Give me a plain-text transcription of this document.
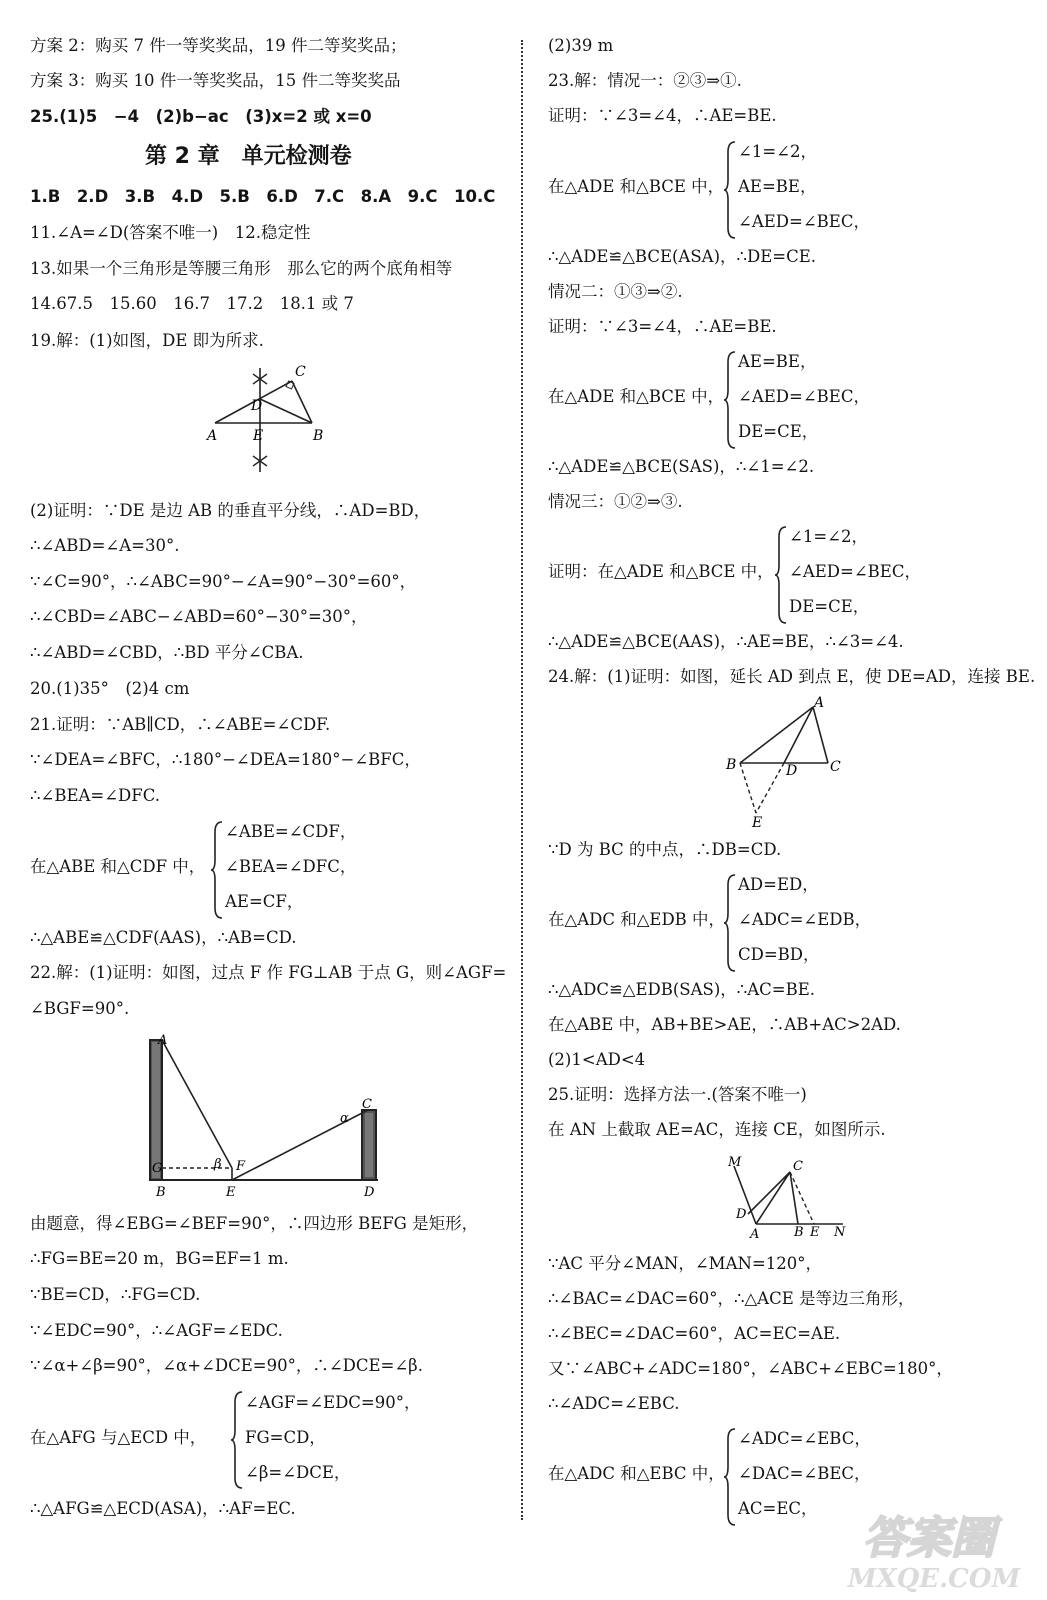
方案 2：购买 7 件一等奖奖品，19 件二等奖奖品；
方案 3：购买 10 件一等奖奖品，15 件二等奖奖品
25.(1)5　−4　(2)b−ac　(3)x=2 或 x=0
第 2 章　单元检测卷
1.B　2.D　3.B　4.D　5.B　6.D　7.C　8.A　9.C　10.C
11.∠A=∠D(答案不唯一)　12.稳定性
13.如果一个三角形是等腰三角形　那么它的两个底角相等
14.67.5　15.60　16.7　17.2　18.1 或 7
19.解：(1)如图，DE 即为所求.
C
D
A	E	B
(2)证明：∵DE 是边 AB 的垂直平分线，∴AD=BD，
∴∠ABD=∠A=30°.
∵∠C=90°，∴∠ABC=90°−∠A=90°−30°=60°，
∴∠CBD=∠ABC−∠ABD=60°−30°=30°，
∴∠ABD=∠CBD，∴BD 平分∠CBA.
20.(1)35°　(2)4 cm
21.证明：∵AB∥CD，∴∠ABE=∠CDF.
∵∠DEA=∠BFC，∴180°−∠DEA=180°−∠BFC，
∴∠BEA=∠DFC.
在△ABE 和△CDF 中，
∠ABE=∠CDF，
∠BEA=∠DFC，
AE=CF，
∴△ABE≌△CDF(AAS)，∴AB=CD.
22.解：(1)证明：如图，过点 F 作 FG⊥AB 于点 G，则∠AGF=
∠BGF=90°.
A
C
α
β
G	F
B	E	D
由题意，得∠EBG=∠BEF=90°，∴四边形 BEFG 是矩形，
∴FG=BE=20 m，BG=EF=1 m.
∵BE=CD，∴FG=CD.
∵∠EDC=90°，∴∠AGF=∠EDC.
∵∠α+∠β=90°，∠α+∠DCE=90°，∴∠DCE=∠β.
在△AFG 与△ECD 中，
∠AGF=∠EDC=90°，
FG=CD，
∠β=∠DCE，
∴△AFG≌△ECD(ASA)，∴AF=EC.
(2)39 m
23.解：情况一：②③⇒①.
证明：∵∠3=∠4，∴AE=BE.
在△ADE 和△BCE 中，
∠1=∠2，
AE=BE，
∠AED=∠BEC，
∴△ADE≌△BCE(ASA)，∴DE=CE.
情况二：①③⇒②.
证明：∵∠3=∠4，∴AE=BE.
在△ADE 和△BCE 中，
AE=BE，
∠AED=∠BEC，
DE=CE，
∴△ADE≌△BCE(SAS)，∴∠1=∠2.
情况三：①②⇒③.
证明：在△ADE 和△BCE 中，
∠1=∠2，
∠AED=∠BEC，
DE=CE，
∴△ADE≌△BCE(AAS)，∴AE=BE，∴∠3=∠4.
24.解：(1)证明：如图，延长 AD 到点 E，使 DE=AD，连接 BE.
A
B	D C
E
∵D 为 BC 的中点，∴DB=CD.
在△ADC 和△EDB 中，
AD=ED，
∠ADC=∠EDB，
CD=BD，
∴△ADC≌△EDB(SAS)，∴AC=BE.
在△ABE 中，AB+BE>AE，∴AB+AC>2AD.
(2)1<AD<4
25.证明：选择方法一.(答案不唯一)
在 AN 上截取 AE=AC，连接 CE，如图所示.
M	C
D
A	B E N
∵AC 平分∠MAN，∠MAN=120°，
∴∠BAC=∠DAC=60°，∴△ACE 是等边三角形，
∴∠BEC=∠DAC=60°，AC=EC=AE.
又∵∠ABC+∠ADC=180°，∠ABC+∠EBC=180°，
∴∠ADC=∠EBC.
在△ADC 和△EBC 中，
∠ADC=∠EBC，
∠DAC=∠BEC，
AC=EC，
答案圈
MXQE.COM
